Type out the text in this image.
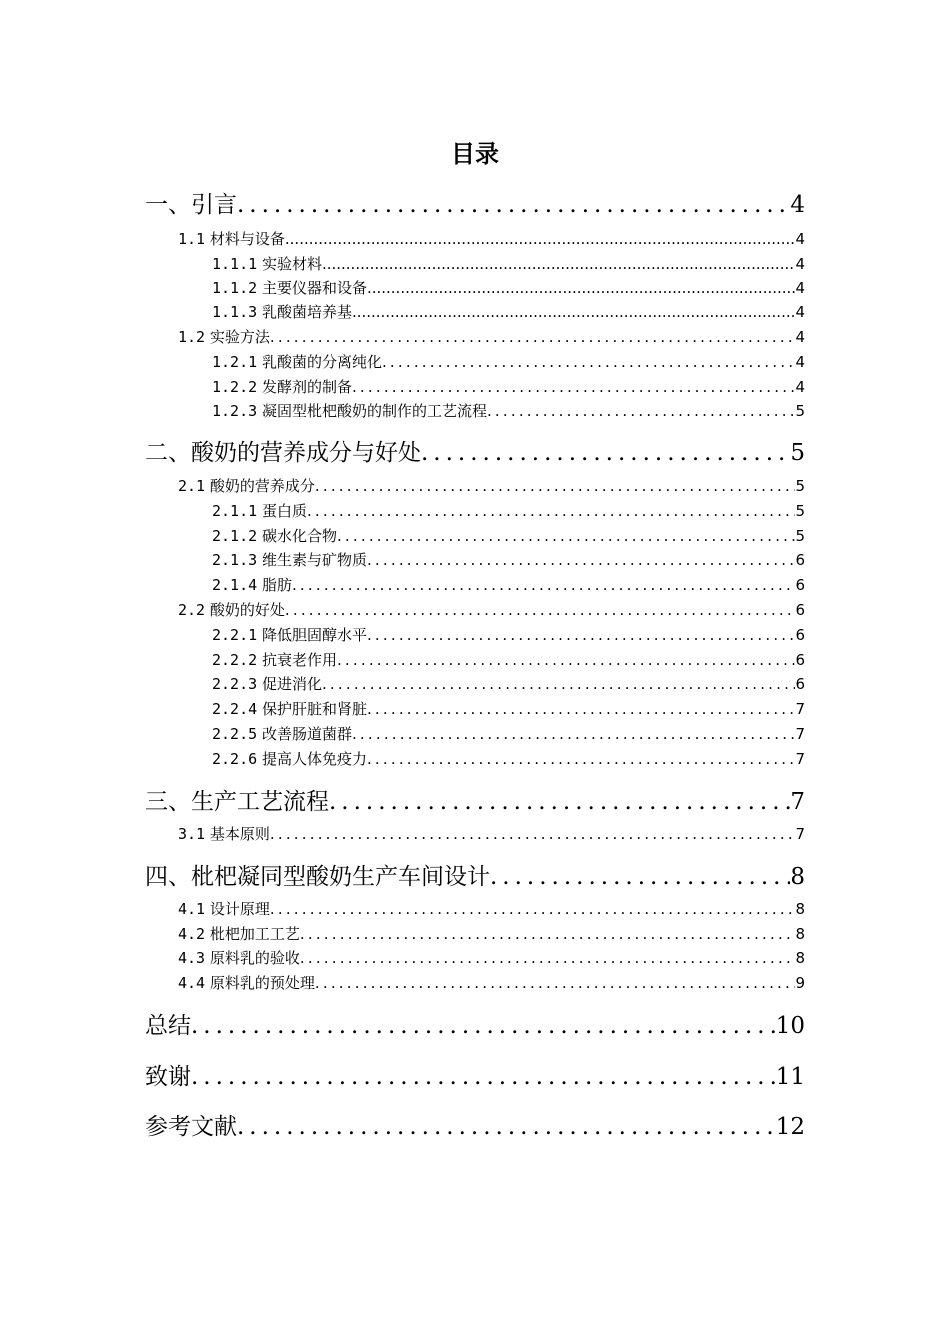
目录
一、引言 .....	4
1.1 材料与设备 .....	4
1.1.1 实验材料 .....	4
1.1.2 主要仪器和设备 .....	4
1.1.3 乳酸菌培养基 .....	4
1.2 实验方法 .....	4
1.2.1 乳酸菌的分离纯化 .....	4
1.2.2 发酵剂的制备 .....	4
1.2.3 凝固型枇杷酸奶的制作的工艺流程 .....	5
二、酸奶的营养成分与好处 .....	5
2.1 酸奶的营养成分 .....	5
2.1.1 蛋白质 .....	5
2.1.2 碳水化合物 .....	5
2.1.3 维生素与矿物质 .....	6
2.1.4 脂肪 .....	6
2.2 酸奶的好处 .....	6
2.2.1 降低胆固醇水平 .....	6
2.2.2 抗衰老作用 .....	6
2.2.3 促进消化 .....	6
2.2.4 保护肝脏和肾脏 .....	7
2.2.5 改善肠道菌群 .....	7
2.2.6 提高人体免疫力 .....	7
三、生产工艺流程 .....	7
3.1 基本原则 .....	7
四、枇杷凝同型酸奶生产车间设计 .....	8
4.1 设计原理 .....	8
4.2 枇杷加工工艺 .....	8
4.3 原料乳的验收 .....	8
4.4 原料乳的预处理 .....	9
总结 .....	10
致谢 .....	11
参考文献 .....	12
